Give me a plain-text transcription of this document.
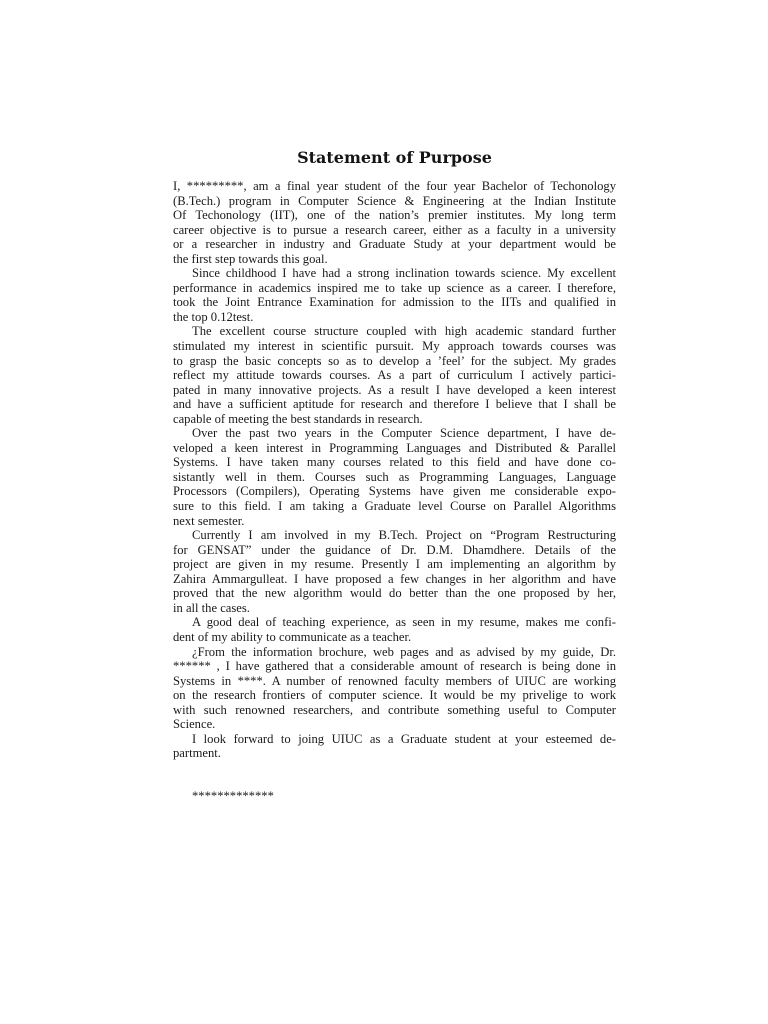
Statement of Purpose
I, *********, am a final year student of the four year Bachelor of Techonology
(B.Tech.) program in Computer Science & Engineering at the Indian Institute
Of Techonology (IIT), one of the nation’s premier institutes. My long term
career objective is to pursue a research career, either as a faculty in a university
or a researcher in industry and Graduate Study at your department would be
the first step towards this goal.
Since childhood I have had a strong inclination towards science. My excellent
performance in academics inspired me to take up science as a career. I therefore,
took the Joint Entrance Examination for admission to the IITs and qualified in
the top 0.12test.
The excellent course structure coupled with high academic standard further
stimulated my interest in scientific pursuit. My approach towards courses was
to grasp the basic concepts so as to develop a ’feel’ for the subject. My grades
reflect my attitude towards courses. As a part of curriculum I actively partici-
pated in many innovative projects. As a result I have developed a keen interest
and have a sufficient aptitude for research and therefore I believe that I shall be
capable of meeting the best standards in research.
Over the past two years in the Computer Science department, I have de-
veloped a keen interest in Programming Languages and Distributed & Parallel
Systems. I have taken many courses related to this field and have done co-
sistantly well in them. Courses such as Programming Languages, Language
Processors (Compilers), Operating Systems have given me considerable expo-
sure to this field. I am taking a Graduate level Course on Parallel Algorithms
next semester.
Currently I am involved in my B.Tech. Project on “Program Restructuring
for GENSAT” under the guidance of Dr. D.M. Dhamdhere. Details of the
project are given in my resume. Presently I am implementing an algorithm by
Zahira Ammargulleat. I have proposed a few changes in her algorithm and have
proved that the new algorithm would do better than the one proposed by her,
in all the cases.
A good deal of teaching experience, as seen in my resume, makes me confi-
dent of my ability to communicate as a teacher.
¿From the information brochure, web pages and as advised by my guide, Dr.
****** , I have gathered that a considerable amount of research is being done in
Systems in ****. A number of renowned faculty members of UIUC are working
on the research frontiers of computer science. It would be my privelige to work
with such renowned researchers, and contribute something useful to Computer
Science.
I look forward to joing UIUC as a Graduate student at your esteemed de-
partment.
*************
